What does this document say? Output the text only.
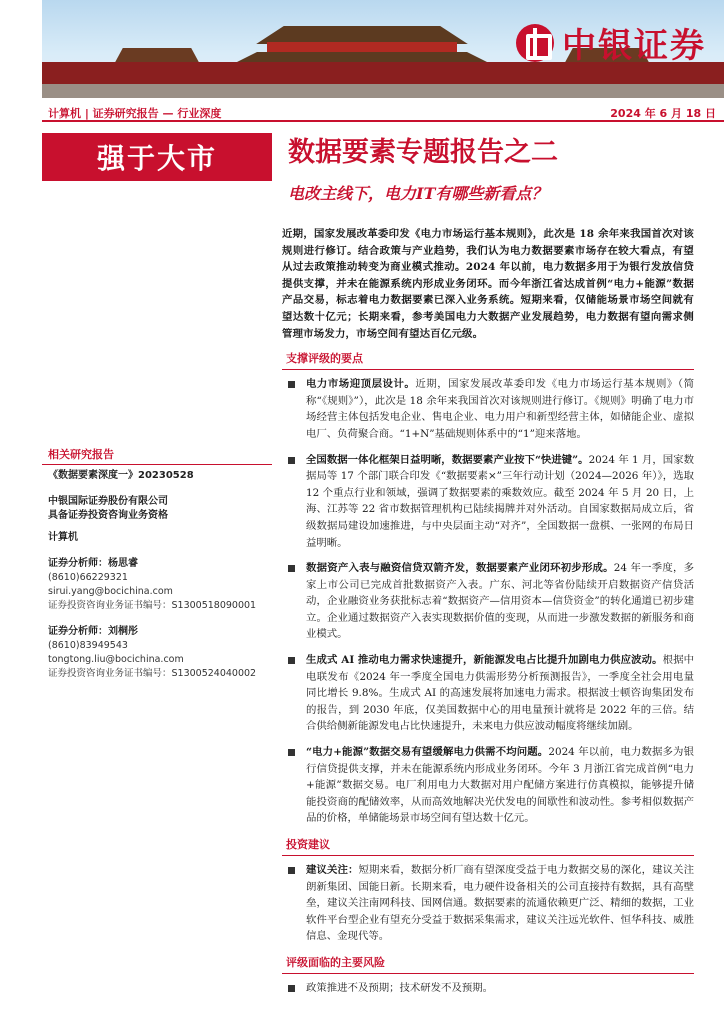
中银证券
计算机 | 证券研究报告 — 行业深度	2024 年 6 月 18 日
强于大市
相关研究报告
《数据要素深度一》20230528
中银国际证券股份有限公司
具备证券投资咨询业务资格
计算机
证券分析师：杨思睿
(8610)66229321
sirui.yang@bocichina.com
证券投资咨询业务证书编号：S1300518090001
证券分析师：刘桐彤
(8610)83949543
tongtong.liu@bocichina.com
证券投资咨询业务证书编号：S1300524040002
数据要素专题报告之二
电改主线下，电力IT有哪些新看点？
近期，国家发展改革委印发《电力市场运行基本规则》，此次是 18 余年来我国首次对该规则进行修订。结合政策与产业趋势，我们认为电力数据要素市场存在较大看点，有望从过去政策推动转变为商业模式推动。2024 年以前，电力数据多用于为银行发放信贷提供支撑，并未在能源系统内形成业务闭环。而今年浙江省达成首例“电力+能源”数据产品交易，标志着电力数据要素已深入业务系统。短期来看，仅储能场景市场空间就有望达数十亿元；长期来看，参考美国电力大数据产业发展趋势，电力数据有望向需求侧管理市场发力，市场空间有望达百亿元级。
支撑评级的要点
电力市场迎顶层设计。近期，国家发展改革委印发《电力市场运行基本规则》（简称“《规则》”），此次是 18 余年来我国首次对该规则进行修订。《规则》明确了电力市场经营主体包括发电企业、售电企业、电力用户和新型经营主体，如储能企业、虚拟电厂、负荷聚合商。“1+N”基础规则体系中的“1”迎来落地。
全国数据一体化框架日益明晰，数据要素产业按下“快进键”。2024 年 1 月，国家数据局等 17 个部门联合印发《“数据要素×”三年行动计划（2024—2026 年）》，选取 12 个重点行业和领域，强调了数据要素的乘数效应。截至 2024 年 5 月 20 日，上海、江苏等 22 省市数据管理机构已陆续揭牌并对外活动。自国家数据局成立后，省级数据局建设加速推进，与中央层面主动“对齐”，全国数据一盘棋、一张网的布局日益明晰。
数据资产入表与融资信贷双箭齐发，数据要素产业闭环初步形成。24 年一季度，多家上市公司已完成首批数据资产入表。广东、河北等省份陆续开启数据资产信贷活动，企业融资业务获批标志着“数据资产—信用资本—信贷资金”的转化通道已初步建立。企业通过数据资产入表实现数据价值的变现，从而进一步激发数据的新服务和商业模式。
生成式 AI 推动电力需求快速提升，新能源发电占比提升加剧电力供应波动。根据中电联发布《2024 年一季度全国电力供需形势分析预测报告》，一季度全社会用电量同比增长 9.8%。生成式 AI 的高速发展将加速电力需求。根据波士顿咨询集团发布的报告，到 2030 年底，仅美国数据中心的用电量预计就将是 2022 年的三倍。结合供给侧新能源发电占比快速提升，未来电力供应波动幅度将继续加剧。
“电力+能源”数据交易有望缓解电力供需不均问题。2024 年以前，电力数据多为银行信贷提供支撑，并未在能源系统内形成业务闭环。今年 3 月浙江省完成首例“电力+能源”数据交易。电厂利用电力大数据对用户配储方案进行仿真模拟，能够提升储能投资商的配储效率，从而高效地解决光伏发电的间歇性和波动性。参考相似数据产品的价格，单储能场景市场空间有望达数十亿元。
投资建议
建议关注：短期来看，数据分析厂商有望深度受益于电力数据交易的深化，建议关注朗新集团、国能日新。长期来看，电力硬件设备相关的公司直接持有数据，具有高壁垒，建议关注南网科技、国网信通。数据要素的流通依赖更广泛、精细的数据，工业软件平台型企业有望充分受益于数据采集需求，建议关注远光软件、恒华科技、威胜信息、金现代等。
评级面临的主要风险
政策推进不及预期；技术研发不及预期。
